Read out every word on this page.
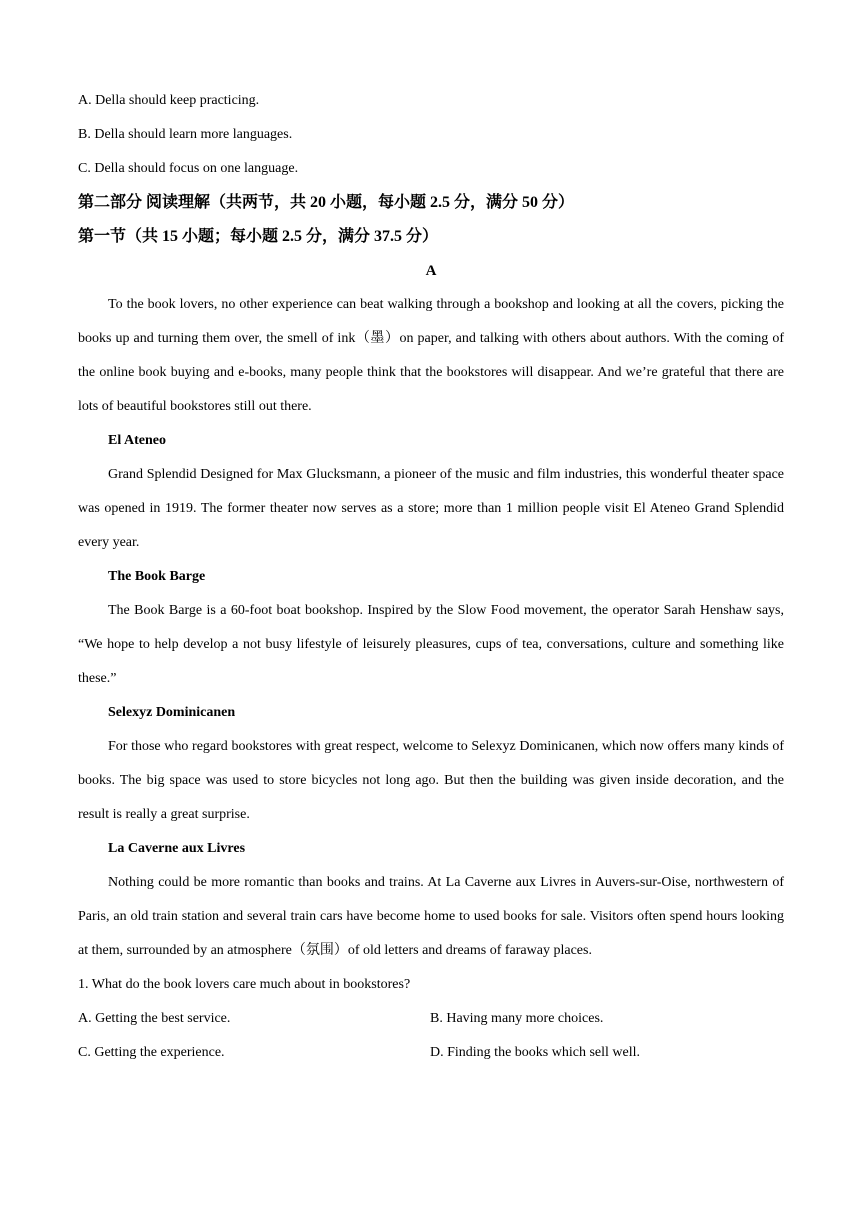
A. Della should keep practicing.
B. Della should learn more languages.
C. Della should focus on one language.
第二部分 阅读理解（共两节，共 20 小题，每小题 2.5 分，满分 50 分）
第一节（共 15 小题；每小题 2.5 分，满分 37.5 分）
A

To the book lovers, no other experience can beat walking through a bookshop and looking at all the covers, picking the books up and turning them over, the smell of ink（墨）on paper, and talking with others about authors. With the coming of the online book buying and e-books, many people think that the bookstores will disappear. And we’re grateful that there are lots of beautiful bookstores still out there.

El Ateneo

Grand Splendid Designed for Max Glucksmann, a pioneer of the music and film industries, this wonderful theater space was opened in 1919. The former theater now serves as a store; more than 1 million people visit El Ateneo Grand Splendid every year.

The Book Barge

The Book Barge is a 60-foot boat bookshop. Inspired by the Slow Food movement, the operator Sarah Henshaw says, “We hope to help develop a not busy lifestyle of leisurely pleasures, cups of tea, conversations, culture and something like these.”

Selexyz Dominicanen

For those who regard bookstores with great respect, welcome to Selexyz Dominicanen, which now offers many kinds of books. The big space was used to store bicycles not long ago. But then the building was given inside decoration, and the result is really a great surprise.

La Caverne aux Livres

Nothing could be more romantic than books and trains. At La Caverne aux Livres in Auvers-sur-Oise, northwestern of Paris, an old train station and several train cars have become home to used books for sale. Visitors often spend hours looking at them, surrounded by an atmosphere（氛围）of old letters and dreams of faraway places.

1. What do the book lovers care much about in bookstores?
A. Getting the best service.	B. Having many more choices.
C. Getting the experience.	D. Finding the books which sell well.
